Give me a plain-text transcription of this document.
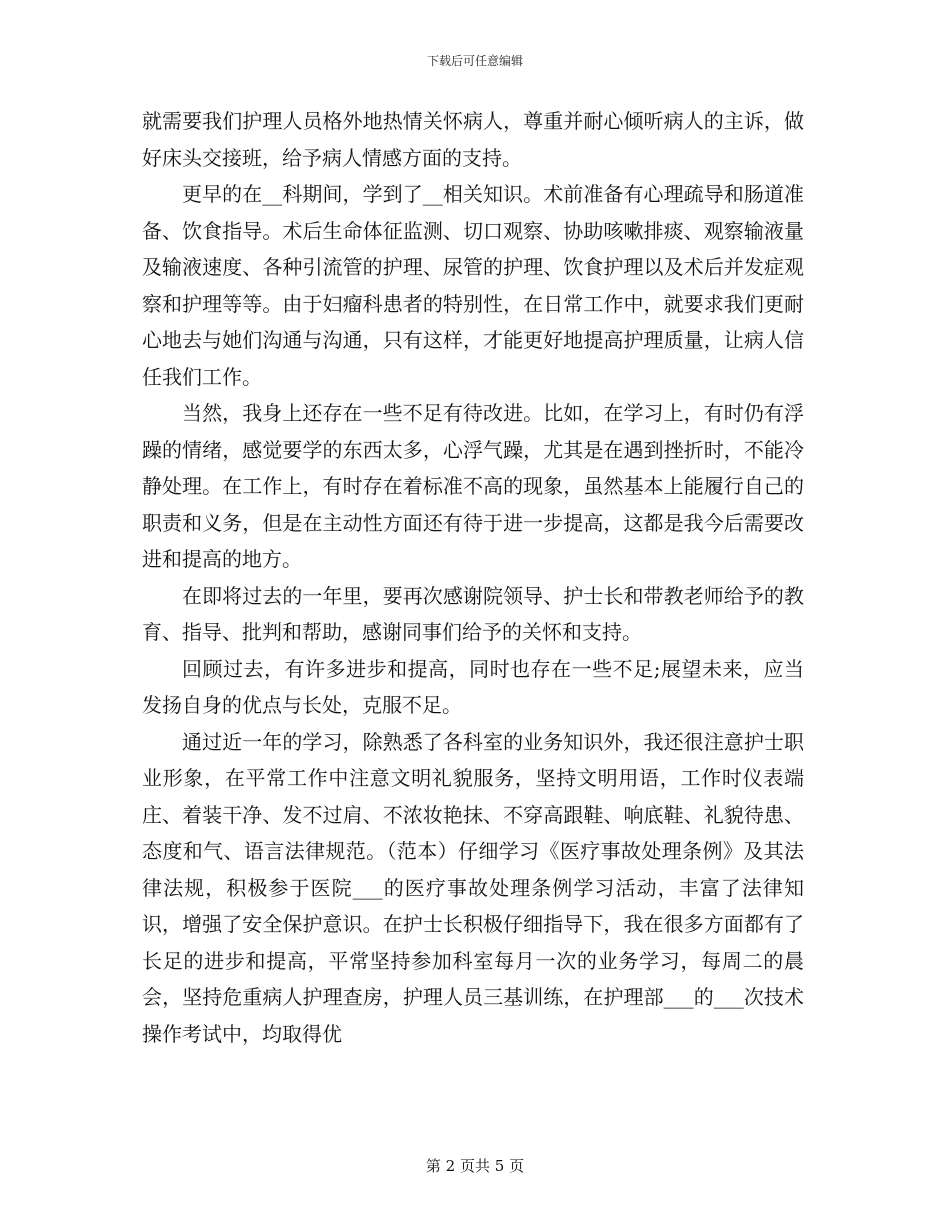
下载后可任意编辑

就需要我们护理人员格外地热情关怀病人，尊重并耐心倾听病人的主诉，做好床头交接班，给予病人情感方面的支持。

更早的在__科期间，学到了__相关知识。术前准备有心理疏导和肠道准备、饮食指导。术后生命体征监测、切口观察、协助咳嗽排痰、观察输液量及输液速度、各种引流管的护理、尿管的护理、饮食护理以及术后并发症观察和护理等等。由于妇瘤科患者的特别性，在日常工作中，就要求我们更耐心地去与她们沟通与沟通，只有这样，才能更好地提高护理质量，让病人信任我们工作。

当然，我身上还存在一些不足有待改进。比如，在学习上，有时仍有浮躁的情绪，感觉要学的东西太多，心浮气躁，尤其是在遇到挫折时，不能冷静处理。在工作上，有时存在着标准不高的现象，虽然基本上能履行自己的职责和义务，但是在主动性方面还有待于进一步提高，这都是我今后需要改进和提高的地方。

在即将过去的一年里，要再次感谢院领导、护士长和带教老师给予的教育、指导、批判和帮助，感谢同事们给予的关怀和支持。

回顾过去，有许多进步和提高，同时也存在一些不足;展望未来，应当发扬自身的优点与长处，克服不足。

通过近一年的学习，除熟悉了各科室的业务知识外，我还很注意护士职业形象，在平常工作中注意文明礼貌服务，坚持文明用语，工作时仪表端庄、着装干净、发不过肩、不浓妆艳抹、不穿高跟鞋、响底鞋、礼貌待患、态度和气、语言法律规范。（范本）仔细学习《医疗事故处理条例》及其法律法规，积极参于医院___的医疗事故处理条例学习活动，丰富了法律知识，增强了安全保护意识。在护士长积极仔细指导下，我在很多方面都有了长足的进步和提高，平常坚持参加科室每月一次的业务学习，每周二的晨会，坚持危重病人护理查房，护理人员三基训练，在护理部___的___次技术操作考试中，均取得优

第 2 页共 5 页
